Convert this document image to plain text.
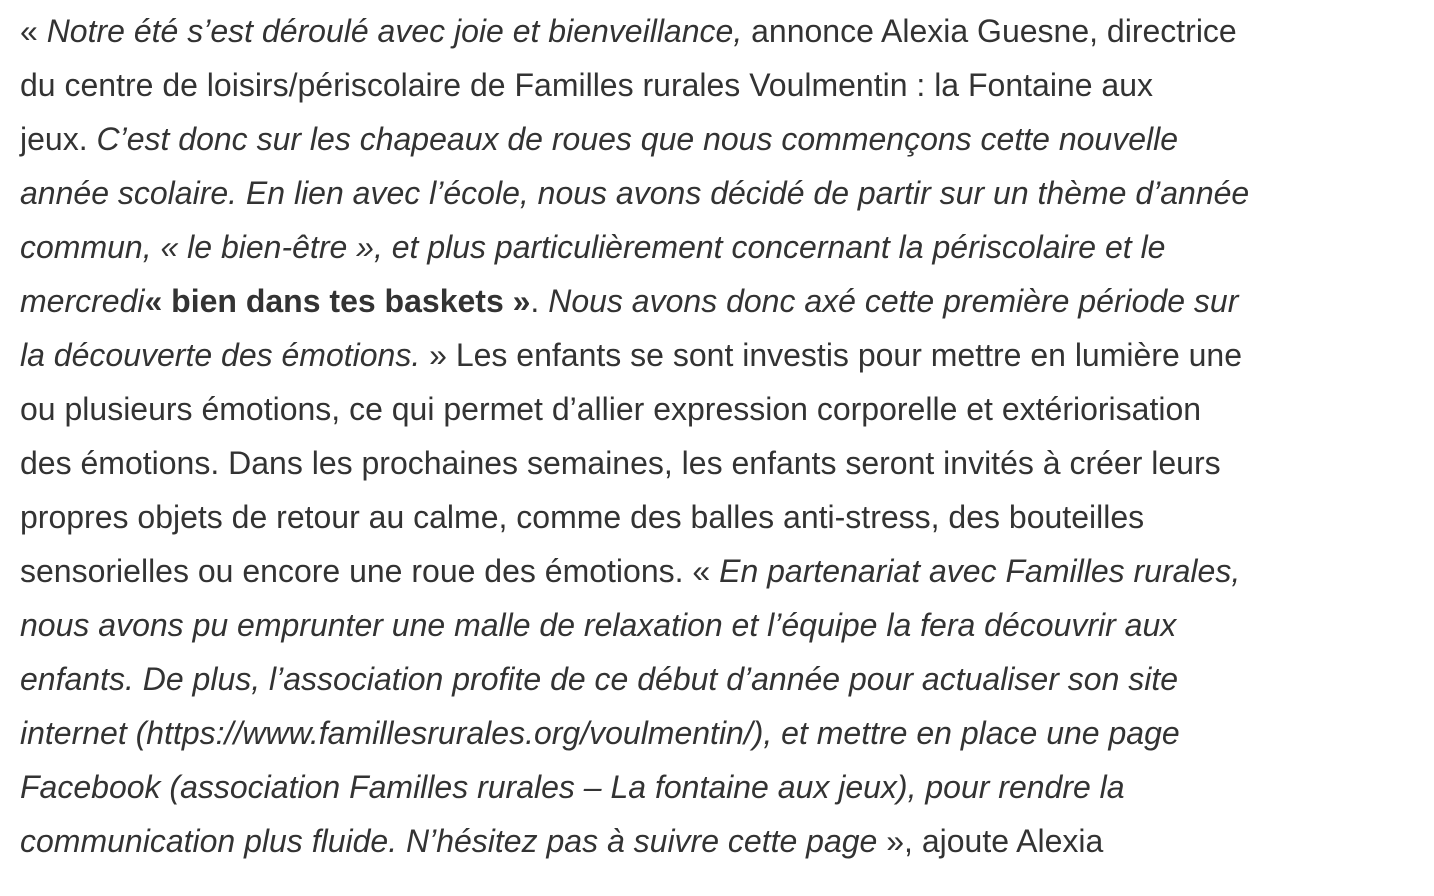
« Notre été s’est déroulé avec joie et bienveillance, annonce Alexia Guesne, directrice
du centre de loisirs/périscolaire de Familles rurales Voulmentin : la Fontaine aux
jeux. C’est donc sur les chapeaux de roues que nous commençons cette nouvelle
année scolaire. En lien avec l’école, nous avons décidé de partir sur un thème d’année
commun, « le bien-être », et plus particulièrement concernant la périscolaire et le
mercredi« bien dans tes baskets ». Nous avons donc axé cette première période sur
la découverte des émotions. » Les enfants se sont investis pour mettre en lumière une
ou plusieurs émotions, ce qui permet d’allier expression corporelle et extériorisation
des émotions. Dans les prochaines semaines, les enfants seront invités à créer leurs
propres objets de retour au calme, comme des balles anti-stress, des bouteilles
sensorielles ou encore une roue des émotions. « En partenariat avec Familles rurales,
nous avons pu emprunter une malle de relaxation et l’équipe la fera découvrir aux
enfants. De plus, l’association profite de ce début d’année pour actualiser son site
internet (https://www.famillesrurales.org/voulmentin/), et mettre en place une page
Facebook (association Familles rurales – La fontaine aux jeux), pour rendre la
communication plus fluide. N’hésitez pas à suivre cette page », ajoute Alexia
